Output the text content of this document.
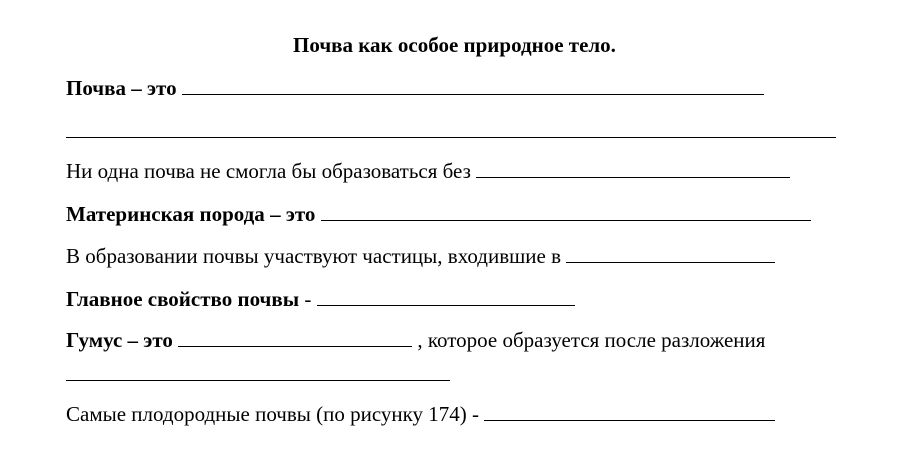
Почва как особое природное тело.
Почва – это
Ни одна почва не смогла бы образоваться без
Материнская порода – это
В образовании почвы участвуют частицы, входившие в
Главное свойство почвы -
Гумус – это	, которое образуется после разложения
Самые плодородные почвы (по рисунку 174) -
